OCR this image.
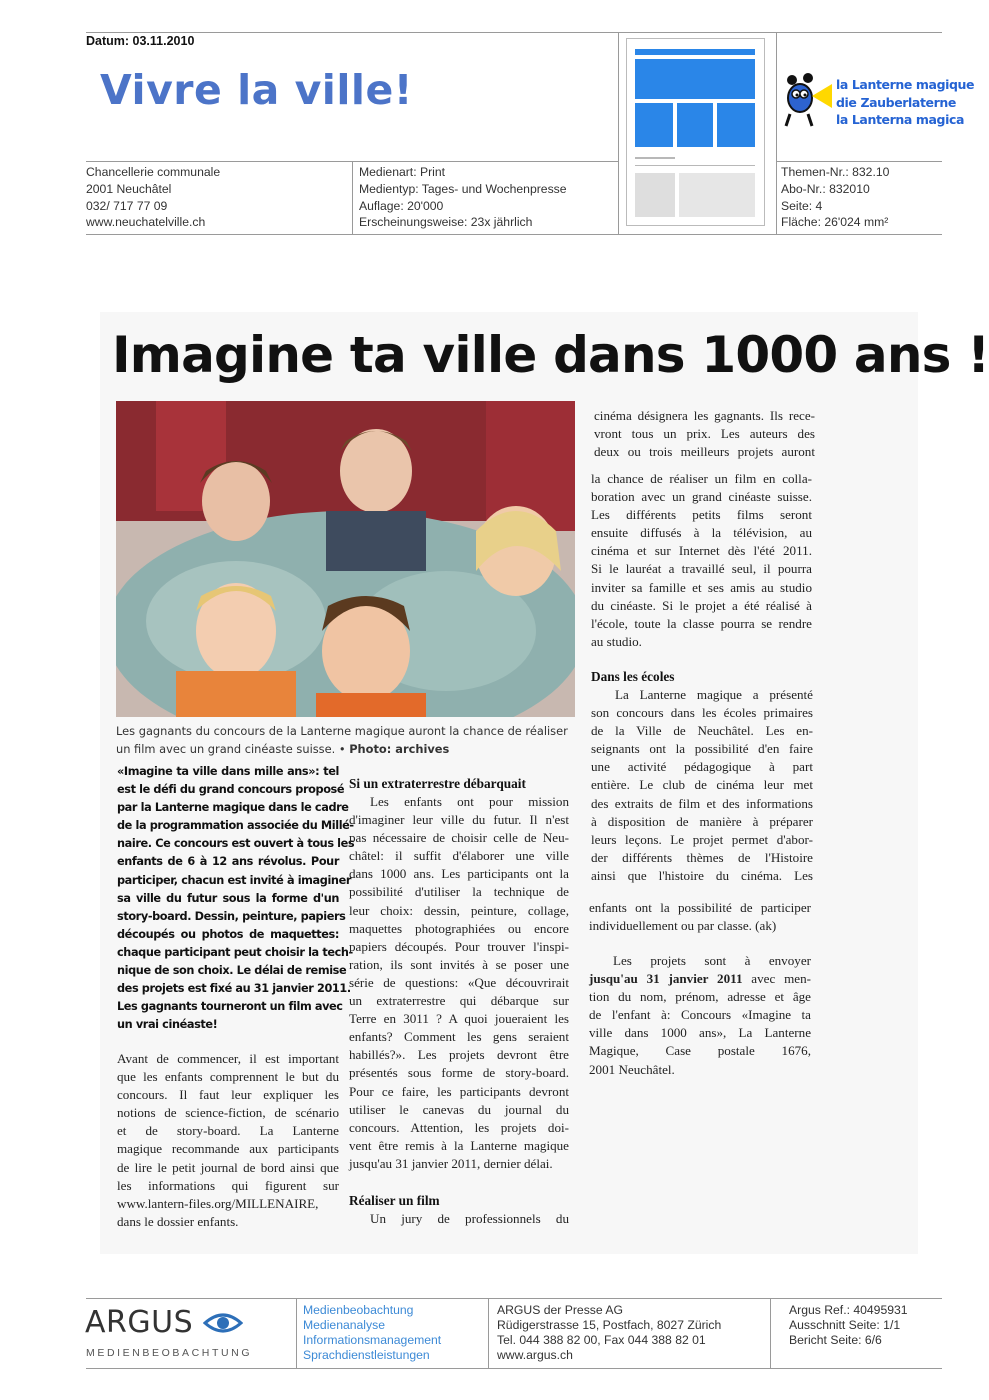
Datum: 03.11.2010
Vivre la ville!	la Lanterne magique
die Zauberlaterne
la Lanterna magica
Chancellerie communale
2001 Neuchâtel
032/ 717 77 09
www.neuchatelville.ch
Medienart: Print
Medientyp: Tages- und Wochenpresse
Auflage: 20'000
Erscheinungsweise: 23x jährlich
Themen-Nr.: 832.10
Abo-Nr.: 832010
Seite: 4
Fläche: 26'024 mm²
Imagine ta ville dans 1000 ans !
Les gagnants du concours de la Lanterne magique auront la chance de réaliser un film avec un grand cinéaste suisse. • Photo: archives
«Imagine ta ville dans mille ans»: tel
est le défi du grand concours proposé
par la Lanterne magique dans le cadre
de la programmation associée du Millé-
naire. Ce concours est ouvert à tous les
enfants de 6 à 12 ans révolus. Pour
participer, chacun est invité à imaginer
sa ville du futur sous la forme d'un
story-board. Dessin, peinture, papiers
découpés ou photos de maquettes:
chaque participant peut choisir la tech-
nique de son choix. Le délai de remise
des projets est fixé au 31 janvier 2011.
Les gagnants tourneront un film avec
un vrai cinéaste!
Avant de commencer, il est important
que les enfants comprennent le but du
concours. Il faut leur expliquer les
notions de science-fiction, de scénario
et de story-board. La Lanterne
magique recommande aux participants
de lire le petit journal de bord ainsi que
les informations qui figurent sur
www.lantern-files.org/MILLENAIRE,
dans le dossier enfants.
Si un extraterrestre débarquait
Les enfants ont pour mission
d'imaginer leur ville du futur. Il n'est
pas nécessaire de choisir celle de Neu-
châtel: il suffit d'élaborer une ville
dans 1000 ans. Les participants ont la
possibilité d'utiliser la technique de
leur choix: dessin, peinture, collage,
maquettes photographiées ou encore
papiers découpés. Pour trouver l'inspi-
ration, ils sont invités à se poser une
série de questions: «Que découvrirait
un extraterrestre qui débarque sur
Terre en 3011 ? A quoi joueraient les
enfants? Comment les gens seraient
habillés?». Les projets devront être
présentés sous forme de story-board.
Pour ce faire, les participants devront
utiliser le canevas du journal du
concours. Attention, les projets doi-
vent être remis à la Lanterne magique
jusqu'au 31 janvier 2011, dernier délai.
Réaliser un film
Un jury de professionnels du
cinéma désignera les gagnants. Ils rece-
vront tous un prix. Les auteurs des
deux ou trois meilleurs projets auront
la chance de réaliser un film en colla-
boration avec un grand cinéaste suisse.
Les différents petits films seront
ensuite diffusés à la télévision, au
cinéma et sur Internet dès l'été 2011.
Si le lauréat a travaillé seul, il pourra
inviter sa famille et ses amis au studio
du cinéaste. Si le projet a été réalisé à
l'école, toute la classe pourra se rendre
au studio.
Dans les écoles
La Lanterne magique a présenté
son concours dans les écoles primaires
de la Ville de Neuchâtel. Les en-
seignants ont la possibilité d'en faire
une activité pédagogique à part
entière. Le club de cinéma leur met
des extraits de film et des informations
à disposition de manière à préparer
leurs leçons. Le projet permet d'abor-
der différents thèmes de l'Histoire
ainsi que l'histoire du cinéma. Les
enfants ont la possibilité de participer
individuellement ou par classe. (ak)
Les projets sont à envoyer
jusqu'au 31 janvier 2011 avec men-
tion du nom, prénom, adresse et âge
de l'enfant à: Concours «Imagine ta
ville dans 1000 ans», La Lanterne
Magique, Case postale 1676,
2001 Neuchâtel.
ARGUS
MEDIENBEOBACHTUNG
Medienbeobachtung
Medienanalyse
Informationsmanagement
Sprachdienstleistungen
ARGUS der Presse AG
Rüdigerstrasse 15, Postfach, 8027 Zürich
Tel. 044 388 82 00, Fax 044 388 82 01
www.argus.ch
Argus Ref.: 40495931
Ausschnitt Seite: 1/1
Bericht Seite: 6/6
